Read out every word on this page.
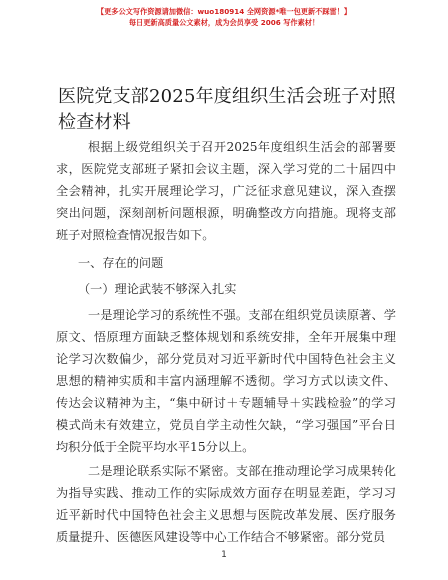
【更多公文写作资源请加微信：wuo180914 全网资源*唯一包更新不踩雷！】
每日更新高质量公文素材，成为会员享受 2006 写作素材！
医院党支部2025年度组织生活会班子对照检查材料
根据上级党组织关于召开2025年度组织生活会的部署要求，医院党支部班子紧扣会议主题，深入学习党的二十届四中全会精神，扎实开展理论学习，广泛征求意见建议，深入查摆突出问题，深刻剖析问题根源，明确整改方向措施。现将支部班子对照检查情况报告如下。
一、存在的问题
（一）理论武装不够深入扎实
一是理论学习的系统性不强。支部在组织党员读原著、学原文、悟原理方面缺乏整体规划和系统安排，全年开展集中理论学习次数偏少，部分党员对习近平新时代中国特色社会主义思想的精神实质和丰富内涵理解不透彻。学习方式以读文件、传达会议精神为主，“集中研讨＋专题辅导＋实践检验”的学习模式尚未有效建立，党员自学主动性欠缺，“学习强国”平台日均积分低于全院平均水平15分以上。
二是理论联系实际不紧密。支部在推动理论学习成果转化为指导实践、推动工作的实际成效方面存在明显差距，学习习近平新时代中国特色社会主义思想与医院改革发展、医疗服务质量提升、医德医风建设等中心工作结合不够紧密。部分党员
1
